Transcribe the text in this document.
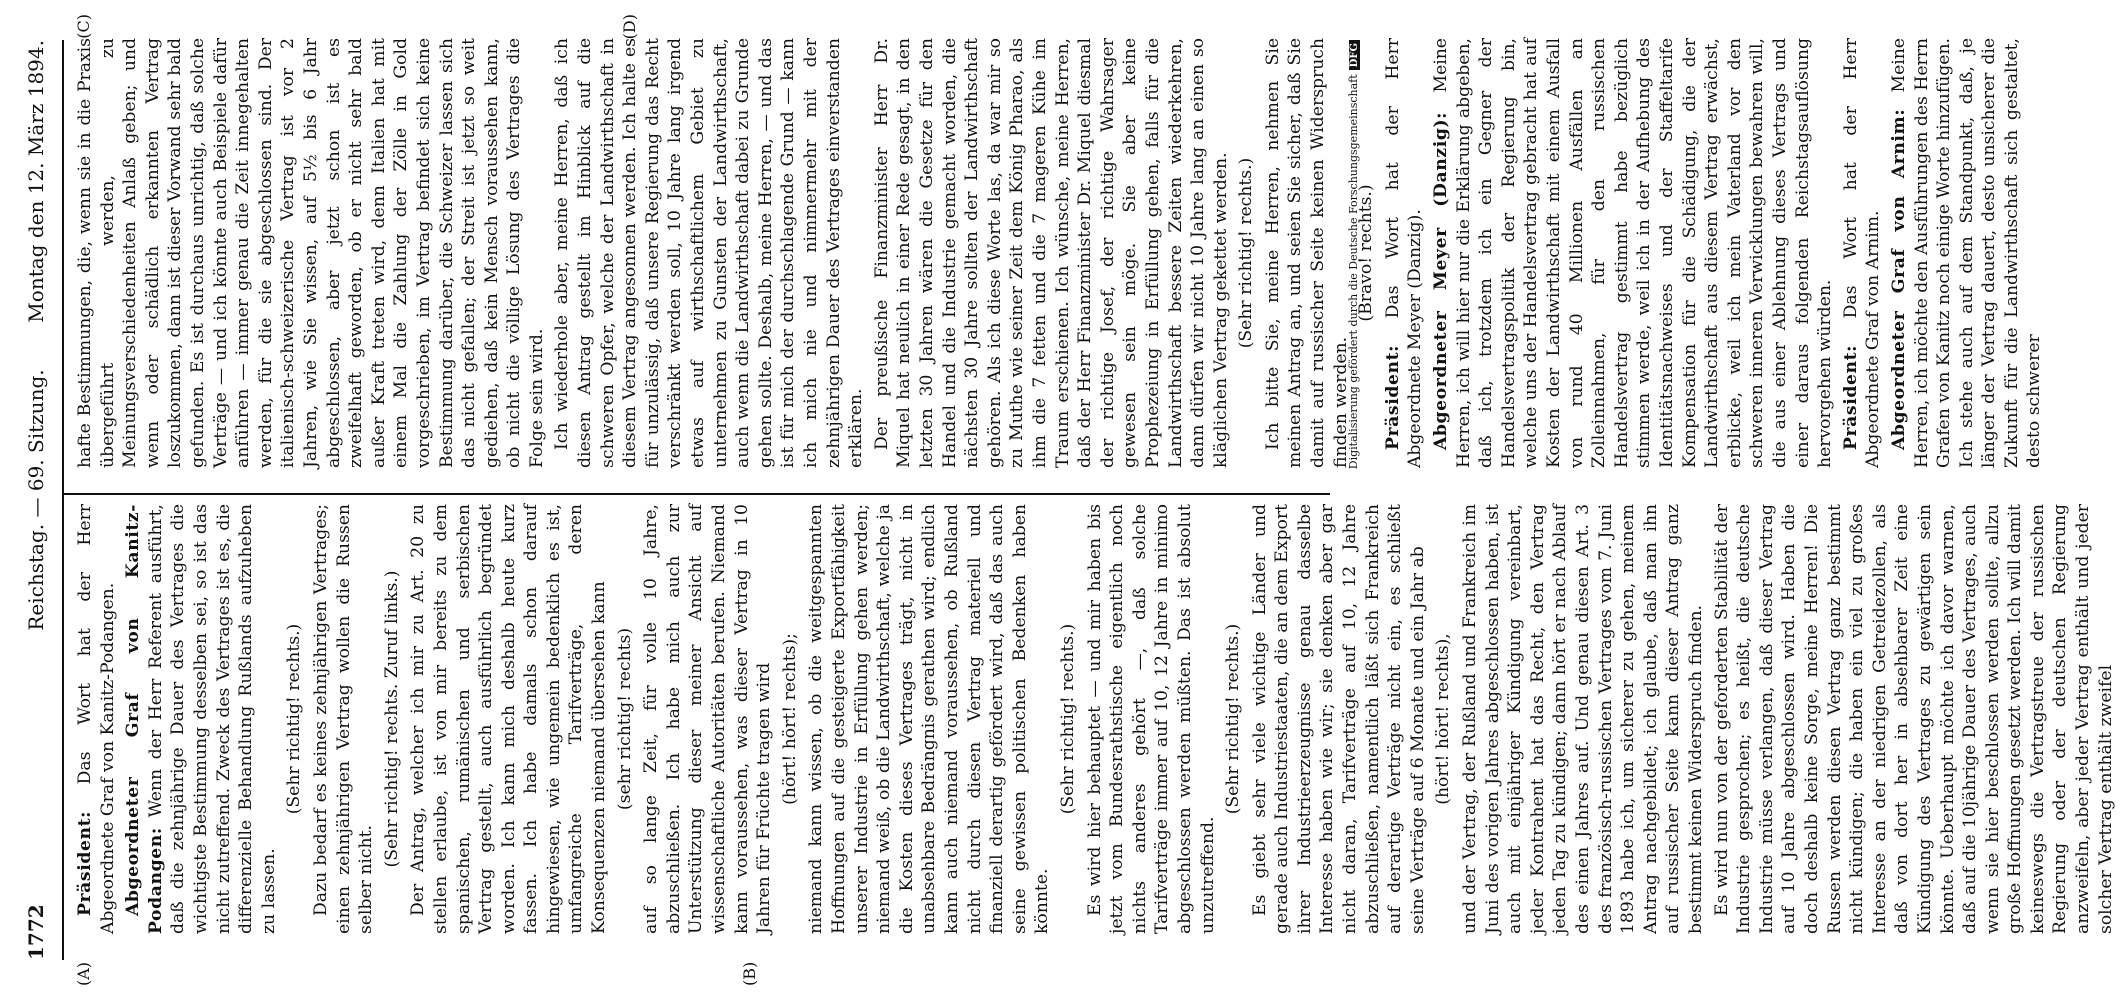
1772
Reichstag. — 69. Sitzung.
Montag den 12. März 1894.
(A)	(B)
(C)	(D)

Präsident: Das Wort hat der Herr Abgeordnete Graf von Kanitz-Podangen. Abgeordneter Graf von Kanitz-Podangen: Wenn der Herr Referent ausführt, daß die zehnjährige Dauer des Vertrages die wichtigste Bestimmung desselben sei, so ist das nicht zutreffend. Zweck des Vertrages ist es, die differenzielle Behandlung Rußlands aufzuheben zu lassen.

(Sehr richtig! rechts.) Dazu bedarf es keines zehnjährigen Vertrages; einen zehnjährigen Vertrag wollen die Russen selber nicht.

(Sehr richtig! rechts. Zuruf links.) Der Antrag, welcher ich mir zu Art. 20 zu stellen erlaube, ist von mir bereits zu dem spanischen, rumänischen und serbischen Vertrag gestellt, auch ausführlich begründet worden. Ich kann mich deshalb heute kurz fassen. Ich habe damals schon darauf hingewiesen, wie ungemein bedenklich es ist, umfangreiche Tarifverträge, deren Konsequenzen niemand übersehen kann (sehr richtig! rechts) auf so lange Zeit, für volle 10 Jahre, abzuschließen. Ich habe mich auch zur Unterstützung dieser meiner Ansicht auf wissenschaftliche Autoritäten berufen. Niemand kann voraussehen, was dieser Vertrag in 10 Jahren für Früchte tragen wird (hört! hört! rechts); niemand kann wissen, ob die weitgespannten Hoffnungen auf die gesteigerte Exportfähigkeit unserer Industrie in Erfüllung gehen werden; niemand weiß, ob die Landwirthschaft, welche ja die Kosten dieses Vertrages trägt, nicht in unabsehbare Bedrängnis gerathen wird; endlich kann auch niemand voraussehen, ob Rußland nicht durch diesen Vertrag materiell und finanziell derartig gefördert wird, daß das auch seine gewissen politischen Bedenken haben könnte.

(Sehr richtig! rechts.) Es wird hier behauptet — und mir haben bis jetzt vom Bundesrathstische eigentlich noch nichts anderes gehört —, daß solche Tarifverträge immer auf 10, 12 Jahre in minimo abgeschlossen werden müßten. Das ist absolut unzutreffend.

(Sehr richtig! rechts.) Es giebt sehr viele wichtige Länder und gerade auch Industriestaaten, die an dem Export ihrer Industrieerzeugnisse genau dasselbe Interesse haben wie wir; sie denken aber gar nicht daran, Tarifverträge auf 10, 12 Jahre abzuschließen, namentlich läßt sich Frankreich auf derartige Verträge nicht ein, es schließt seine Verträge auf 6 Monate und ein Jahr ab (hört! hört! rechts), und der Vertrag, der Rußland und Frankreich im Juni des vorigen Jahres abgeschlossen haben, ist auch mit einjähriger Kündigung vereinbart, jeder Kontrahent hat das Recht, den Vertrag jeden Tag zu kündigen; dann hört er nach Ablauf des einen Jahres auf. Und genau diesen Art. 3 des französisch-russischen Vertrages vom 7. Juni 1893 habe ich, um sicherer zu gehen, meinem Antrag nachgebildet; ich glaube, daß man ihn auf russischer Seite kann dieser Antrag ganz bestimmt keinen Widerspruch finden. Es wird nun von der geforderten Stabilität der Industrie gesprochen; es heißt, die deutsche Industrie müsse verlangen, daß dieser Vertrag auf 10 Jahre abgeschlossen wird. Haben die doch deshalb keine Sorge, meine Herren! Die Russen werden diesen Vertrag ganz bestimmt nicht kündigen; die haben ein viel zu großes Interesse an der niedrigen Getreidezollen, als daß von dort her in absehbarer Zeit eine Kündigung des Vertrages zu gewärtigen sein könnte. Ueberhaupt möchte ich davor warnen, daß auf die 10jährige Dauer des Vertrages, auch wenn sie hier beschlossen werden sollte, allzu große Hoffnungen gesetzt werden. Ich will damit keineswegs die Vertragstreue der russischen Regierung oder der deutschen Regierung anzweifeln, aber jeder Vertrag enthält und jeder solcher Vertrag enthält zweifel

hafte Bestimmungen, die, wenn sie in die Praxis übergeführt werden, zu Meinungsverschiedenheiten Anlaß geben; und wenn oder schädlich erkannten Vertrag loszukommen, dann ist dieser Vorwand sehr bald gefunden. Es ist durchaus unrichtig, daß solche Verträge — und ich könnte auch Beispiele dafür anführen — immer genau die Zeit innegehalten werden, für die sie abgeschlossen sind. Der italienisch-schweizerische Vertrag ist vor 2 Jahren, wie Sie wissen, auf 5½ bis 6 Jahr abgeschlossen, aber jetzt schon ist es zweifelhaft geworden, ob er nicht sehr bald außer Kraft treten wird, denn Italien hat mit einem Mal die Zahlung der Zölle in Gold vorgeschrieben, im Vertrag befindet sich keine Bestimmung darüber, die Schweizer lassen sich das nicht gefallen; der Streit ist jetzt so weit gediehen, daß kein Mensch voraussehen kann, ob nicht die völlige Lösung des Vertrages die Folge sein wird. Ich wiederhole aber, meine Herren, daß ich diesen Antrag gestellt im Hinblick auf die schweren Opfer, welche der Landwirthschaft in diesem Vertrag angesonnen werden. Ich halte es für unzulässig, daß unsere Regierung das Recht verschränkt werden soll, 10 Jahre lang irgend etwas auf wirthschaftlichem Gebiet zu unternehmen zu Gunsten der Landwirthschaft, auch wenn die Landwirthschaft dabei zu Grunde gehen sollte. Deshalb, meine Herren, — und das ist für mich der durchschlagende Grund — kann ich mich nie und nimmermehr mit der zehnjährigen Dauer des Vertrages einverstanden erklären. Der preußische Finanzminister Herr Dr. Miquel hat neulich in einer Rede gesagt, in den letzten 30 Jahren wären die Gesetze für den Handel und die Industrie gemacht worden, die nächsten 30 Jahre sollten der Landwirthschaft gehören. Als ich diese Worte las, da war mir so zu Muthe wie seiner Zeit dem König Pharao, als ihm die 7 fetten und die 7 mageren Kühe im Traum erschienen. Ich wünsche, meine Herren, daß der Herr Finanzminister Dr. Miquel diesmal der richtige Josef, der richtige Wahrsager gewesen sein möge. Sie aber keine Prophezeiung in Erfüllung gehen, falls für die Landwirthschaft bessere Zeiten wiederkehren, dann dürfen wir nicht 10 Jahre lang an einen so kläglichen Vertrag gekettet werden. (Sehr richtig! rechts.) Ich bitte Sie, meine Herren, nehmen Sie meinen Antrag an, und seien Sie sicher, daß Sie damit auf russischer Seite keinen Widerspruch finden werden.

(Bravo! rechts.)

Präsident: Das Wort hat der Herr Abgeordnete Meyer (Danzig). Abgeordneter Meyer (Danzig): Meine Herren, ich will hier nur die Erklärung abgeben, daß ich, trotzdem ich ein Gegner der Handelsvertragspolitik der Regierung bin, welche uns der Handelsvertrag gebracht hat auf Kosten der Landwirthschaft mit einem Ausfall von rund 40 Millionen Ausfällen an Zolleinnahmen, für den russischen Handelsvertrag gestimmt habe bezüglich stimmen werde, weil ich in der Aufhebung des Identitätsnachweises und der Staffeltarife Kompensation für die Schädigung, die der Landwirthschaft aus diesem Vertrag erwächst, erblicke, weil ich mein Vaterland vor den schweren inneren Verwicklungen bewahren will, die aus einer Ablehnung dieses Vertrags und einer daraus folgenden Reichstagsauflösung hervorgehen würden. Präsident: Das Wort hat der Herr Abgeordnete Graf von Arnim. Abgeordneter Graf von Arnim: Meine Herren, ich möchte den Ausführungen des Herrn Grafen von Kanitz noch einige Worte hinzufügen. Ich stehe auch auf dem Standpunkt, daß, je länger der Vertrag dauert, desto unsicherer die Zukunft für die Landwirthschaft sich gestaltet, desto schwerer

Digitalisierung gefördert durch die Deutsche ForschungsgemeinschaftDFG
